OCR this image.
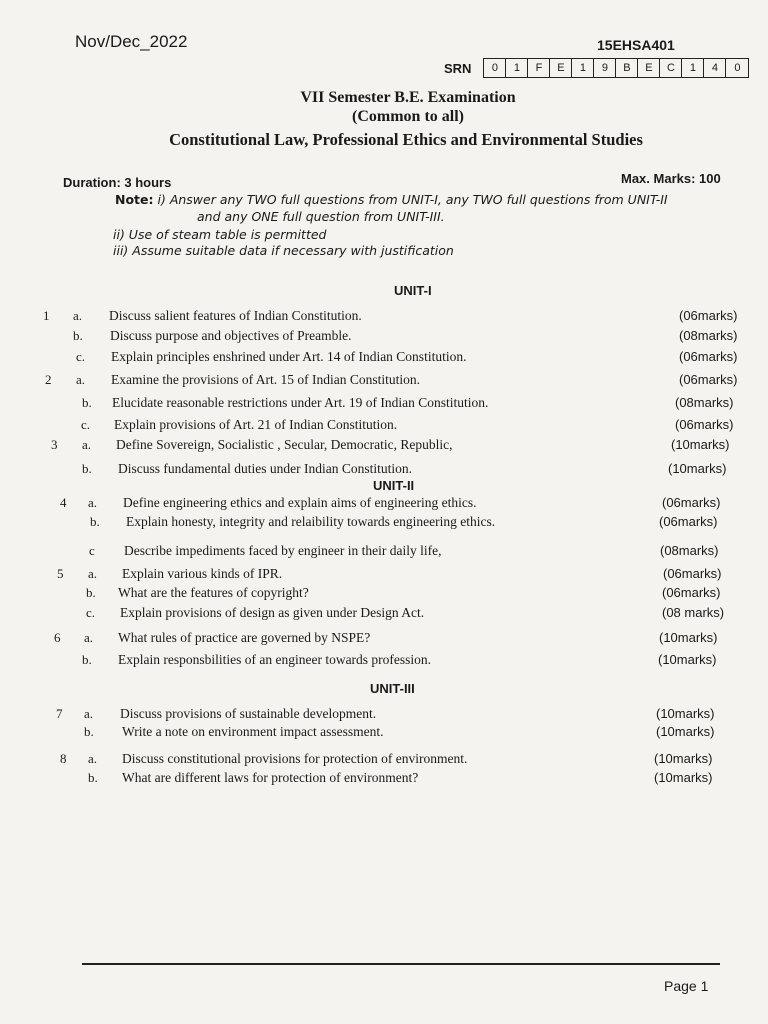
Nov/Dec_2022	15EHSA401
SRN	0	1	F	E	1	9	B	E	C	1	4	0
VII Semester B.E. Examination
(Common to all)
Constitutional Law, Professional Ethics and Environmental Studies
Duration: 3 hours	Max. Marks: 100
Note: i) Answer any TWO full questions from UNIT-I, any TWO full questions from UNIT-II
and any ONE full question from UNIT-III.
ii) Use of steam table is permitted
iii) Assume suitable data if necessary with justification
UNIT-I
UNIT-II
UNIT-III
1 a. Discuss salient features of Indian Constitution.	(06marks)
b. Discuss purpose and objectives of Preamble.	(08marks)
c. Explain principles enshrined under Art. 14 of Indian Constitution.	(06marks)
2 a. Examine the provisions of Art. 15 of Indian Constitution.	(06marks)
b. Elucidate reasonable restrictions under Art. 19 of Indian Constitution.	(08marks)
c. Explain provisions of Art. 21 of Indian Constitution.	(06marks)
3 a. Define Sovereign, Socialistic , Secular, Democratic, Republic,	(10marks)
b. Discuss fundamental duties under Indian Constitution.	(10marks)
4 a. Define engineering ethics and explain aims of engineering ethics.	(06marks)
b. Explain honesty, integrity and relaibility towards engineering ethics.	(06marks)
c Describe impediments faced by engineer in their daily life,	(08marks)
5 a. Explain various kinds of IPR.	(06marks)
b. What are the features of copyright?	(06marks)
c. Explain provisions of design as given under Design Act.	(08 marks)
6 a. What rules of practice are governed by NSPE?	(10marks)
b. Explain responsbilities of an engineer towards profession.	(10marks)
7 a. Discuss provisions of sustainable development.	(10marks)
b. Write a note on environment impact assessment.	(10marks)
8 a. Discuss constitutional provisions for protection of environment.	(10marks)
b. What are different laws for protection of environment?	(10marks)
Page 1
